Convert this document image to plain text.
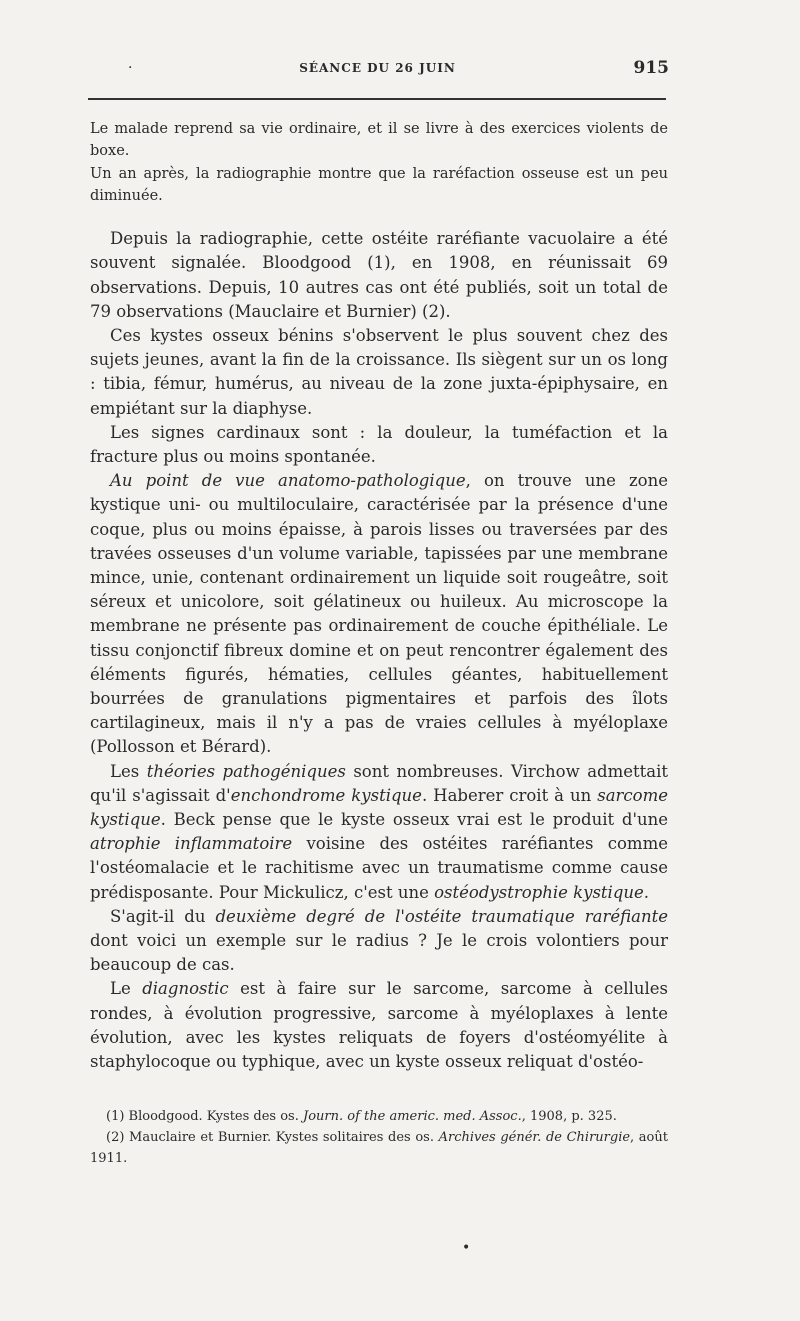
·	SÉANCE DU 26 JUIN	915

Le malade reprend sa vie ordinaire, et il se livre à des exercices violents de boxe.

Un an après, la radiographie montre que la raréfaction osseuse est un peu diminuée.

Depuis la radiographie, cette ostéite raréfiante vacuolaire a été souvent signalée. Bloodgood (1), en 1908, en réunissait 69 observations. Depuis, 10 autres cas ont été publiés, soit un total de 79 observations (Mauclaire et Burnier) (2).

Ces kystes osseux bénins s'observent le plus souvent chez des sujets jeunes, avant la fin de la croissance. Ils siègent sur un os long : tibia, fémur, humérus, au niveau de la zone juxta-épiphysaire, en empiétant sur la diaphyse.

Les signes cardinaux sont : la douleur, la tuméfaction et la fracture plus ou moins spontanée.

Au point de vue anatomo-pathologique, on trouve une zone kystique uni- ou multiloculaire, caractérisée par la présence d'une coque, plus ou moins épaisse, à parois lisses ou traversées par des travées osseuses d'un volume variable, tapissées par une membrane mince, unie, contenant ordinairement un liquide soit rougeâtre, soit séreux et unicolore, soit gélatineux ou huileux. Au microscope la membrane ne présente pas ordinairement de couche épithéliale. Le tissu conjonctif fibreux domine et on peut rencontrer également des éléments figurés, hématies, cellules géantes, habituellement bourrées de granulations pigmentaires et parfois des îlots cartilagineux, mais il n'y a pas de vraies cellules à myéloplaxe (Pollosson et Bérard).

Les théories pathogéniques sont nombreuses. Virchow admettait qu'il s'agissait d'enchondrome kystique. Haberer croit à un sarcome kystique. Beck pense que le kyste osseux vrai est le produit d'une atrophie inflammatoire voisine des ostéites raréfiantes comme l'ostéomalacie et le rachitisme avec un traumatisme comme cause prédisposante. Pour Mickulicz, c'est une ostéodystrophie kystique.

S'agit-il du deuxième degré de l'ostéite traumatique raréfiante dont voici un exemple sur le radius ? Je le crois volontiers pour beaucoup de cas.

Le diagnostic est à faire sur le sarcome, sarcome à cellules rondes, à évolution progressive, sarcome à myéloplaxes à lente évolution, avec les kystes reliquats de foyers d'ostéomyélite à staphylocoque ou typhique, avec un kyste osseux reliquat d'ostéo-

(1) Bloodgood. Kystes des os. Journ. of the americ. med. Assoc., 1908, p. 325.

(2) Mauclaire et Burnier. Kystes solitaires des os. Archives génér. de Chirurgie, août 1911.

•
